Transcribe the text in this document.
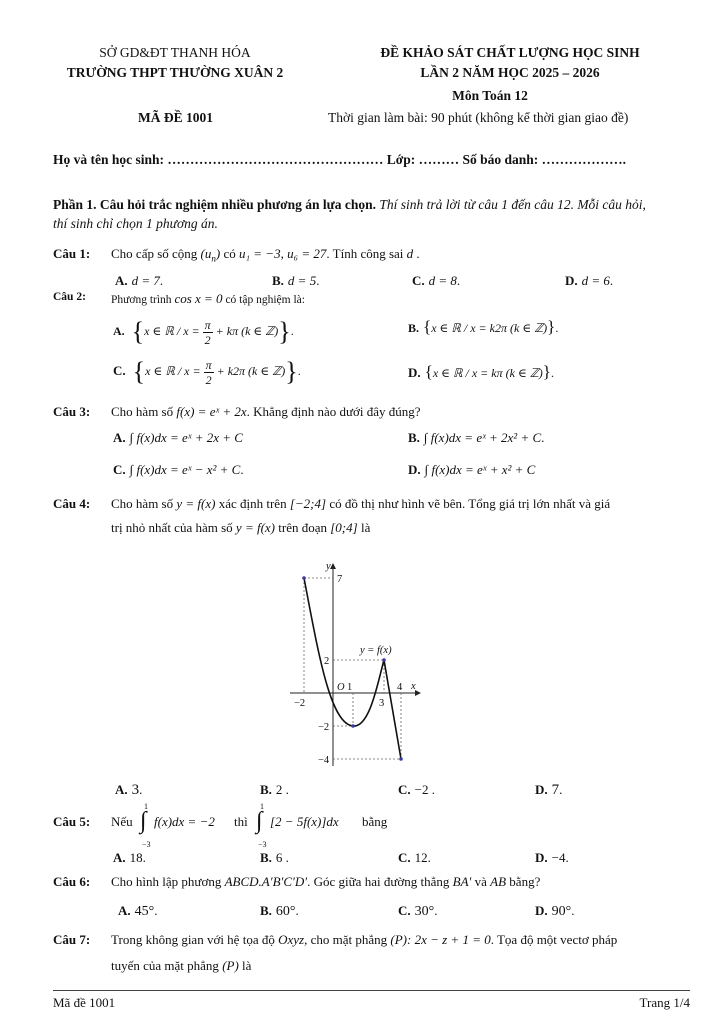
SỞ GD&ĐT THANH HÓA
TRƯỜNG THPT THƯỜNG XUÂN 2
ĐỀ KHẢO SÁT CHẤT LƯỢNG HỌC SINH
LẦN 2 NĂM HỌC 2025 – 2026
Môn Toán 12
MÃ ĐỀ 1001	Thời gian làm bài: 90 phút (không kể thời gian giao đề)
Họ và tên học sinh: ………………………………………… Lớp: ……… Số báo danh: ……………….
Phần 1. Câu hỏi trắc nghiệm nhiều phương án lựa chọn. Thí sinh trả lời từ câu 1 đến câu 12. Mỗi câu hỏi,
thí sinh chỉ chọn 1 phương án.
Câu 1: Cho cấp số cộng $(u_n)$ có u₁ = −3, u₆ = 27. Tính công sai d .
A. d = 7.	B. d = 5.	C. d = 8.	D. d = 6.
Câu 2: Phương trình cos x = 0 có tập nghiệm là:
A. {x ∈ ℝ / $x = \frac{\pi}{2} + k\pi$ (k ∈ ℤ)}.	B. {x ∈ ℝ / x = k2π (k ∈ ℤ)}.
C. {x ∈ ℝ / $x = \frac{\pi}{2} + k2\pi$ (k ∈ ℤ)}.	D. {x ∈ ℝ / x = kπ (k ∈ ℤ)}.
Câu 3: Cho hàm số f(x) = eˣ + 2x. Khẳng định nào dưới đây đúng?
A. ∫ f(x)dx = eˣ + 2x + C	B. ∫ f(x)dx = eˣ + 2x² + C.
C. ∫ f(x)dx = eˣ − x² + C.	D. ∫ f(x)dx = eˣ + x² + C
Câu 4: Cho hàm số y = f(x) xác định trên [−2;4] có đồ thị như hình vẽ bên. Tổng giá trị lớn nhất và giá
trị nhỏ nhất của hàm số y = f(x) trên đoạn [0;4] là
y
x
y = f(x)
7
2
−2
−4
−2
O 1
3
4
A. 3.	B. 2 .	C. −2 .	D. 7.
Câu 5: Nếu
1
∫
−3
f(x)dx = −2 thì
1
∫
−3
[2 − 5f(x)]dx bằng
A. 18.	B. 6 .	C. 12.	D. −4.
Câu 6: Cho hình lập phương ABCD.A′B′C′D′. Góc giữa hai đường thẳng BA′ và AB bằng?
A. 45°.	B. 60°.	C. 30°.	D. 90°.
Câu 7: Trong không gian với hệ tọa độ Oxyz, cho mặt phẳng (P): 2x − z + 1 = 0. Tọa độ một vectơ pháp
tuyến của mặt phẳng (P) là
Mã đề 1001	Trang 1/4
